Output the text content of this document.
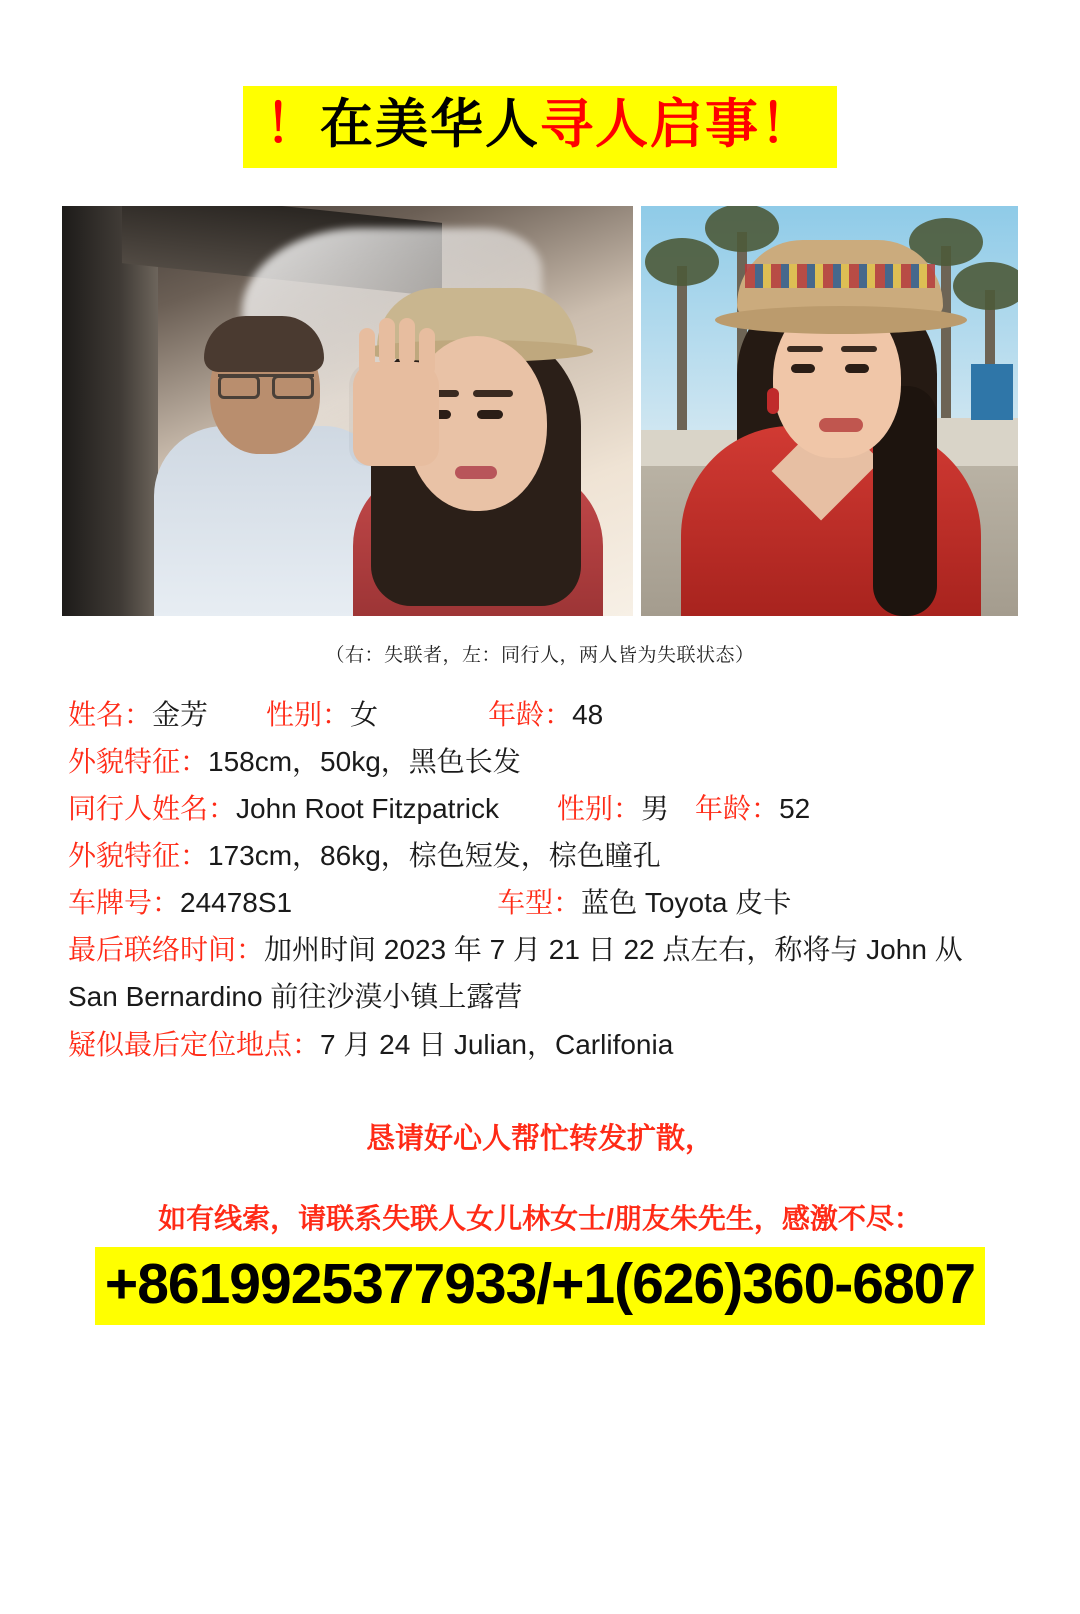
！在美华人寻人启事！
（右：失联者，左：同行人，两人皆为失联状态）
姓名：金芳 性别：女	年龄：48
外貌特征：158cm，50kg，黑色长发
同行人姓名：John Root Fitzpatrick 性别：男 年龄：52
外貌特征：173cm，86kg，棕色短发，棕色瞳孔
车牌号：24478S1	车型：蓝色 Toyota 皮卡
最后联络时间：加州时间 2023 年 7 月 21 日 22 点左右，称将与 John 从 San Bernardino 前往沙漠小镇上露营
疑似最后定位地点：7 月 24 日 Julian，Carlifonia
恳请好心人帮忙转发扩散，
如有线索，请联系失联人女儿林女士/朋友朱先生，感激不尽：
+8619925377933/+1(626)360-6807
